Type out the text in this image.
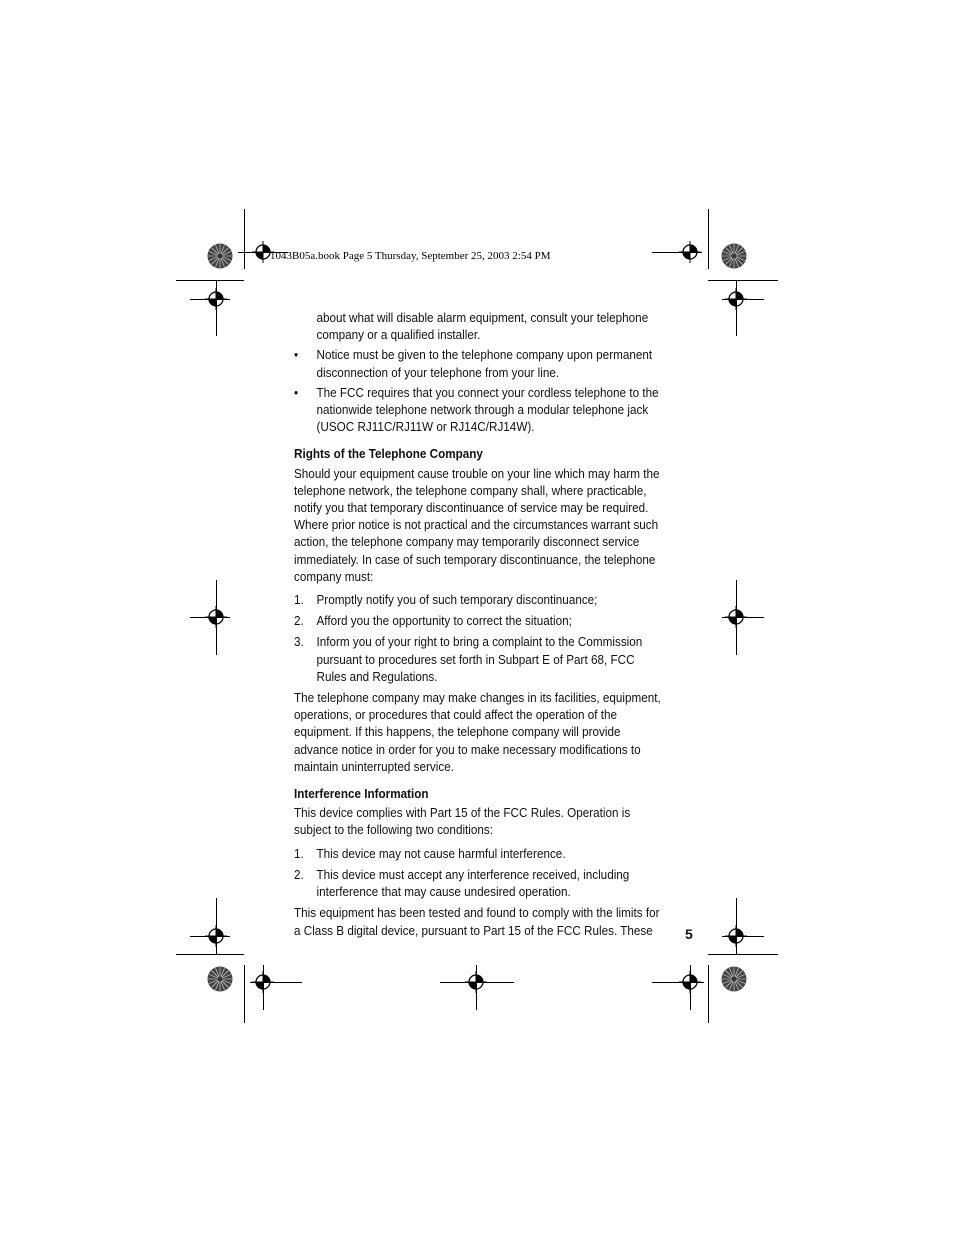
1043B05a.book Page 5 Thursday, September 25, 2003 2:54 PM
about what will disable alarm equipment, consult your telephone company or a qualified installer.
• Notice must be given to the telephone company upon permanent disconnection of your telephone from your line.
• The FCC requires that you connect your cordless telephone to the nationwide telephone network through a modular telephone jack (USOC RJ11C/RJ11W or RJ14C/RJ14W).
Rights of the Telephone Company
Should your equipment cause trouble on your line which may harm the telephone network, the telephone company shall, where practicable, notify you that temporary discontinuance of service may be required. Where prior notice is not practical and the circumstances warrant such action, the telephone company may temporarily disconnect service immediately. In case of such temporary discontinuance, the telephone company must:
1. Promptly notify you of such temporary discontinuance;
2. Afford you the opportunity to correct the situation;
3. Inform you of your right to bring a complaint to the Commission pursuant to procedures set forth in Subpart E of Part 68, FCC Rules and Regulations.
The telephone company may make changes in its facilities, equipment, operations, or procedures that could affect the operation of the equipment. If this happens, the telephone company will provide advance notice in order for you to make necessary modifications to maintain uninterrupted service.
Interference Information
This device complies with Part 15 of the FCC Rules. Operation is subject to the following two conditions:
1. This device may not cause harmful interference.
2. This device must accept any interference received, including interference that may cause undesired operation.
This equipment has been tested and found to comply with the limits for a Class B digital device, pursuant to Part 15 of the FCC Rules. These	5
